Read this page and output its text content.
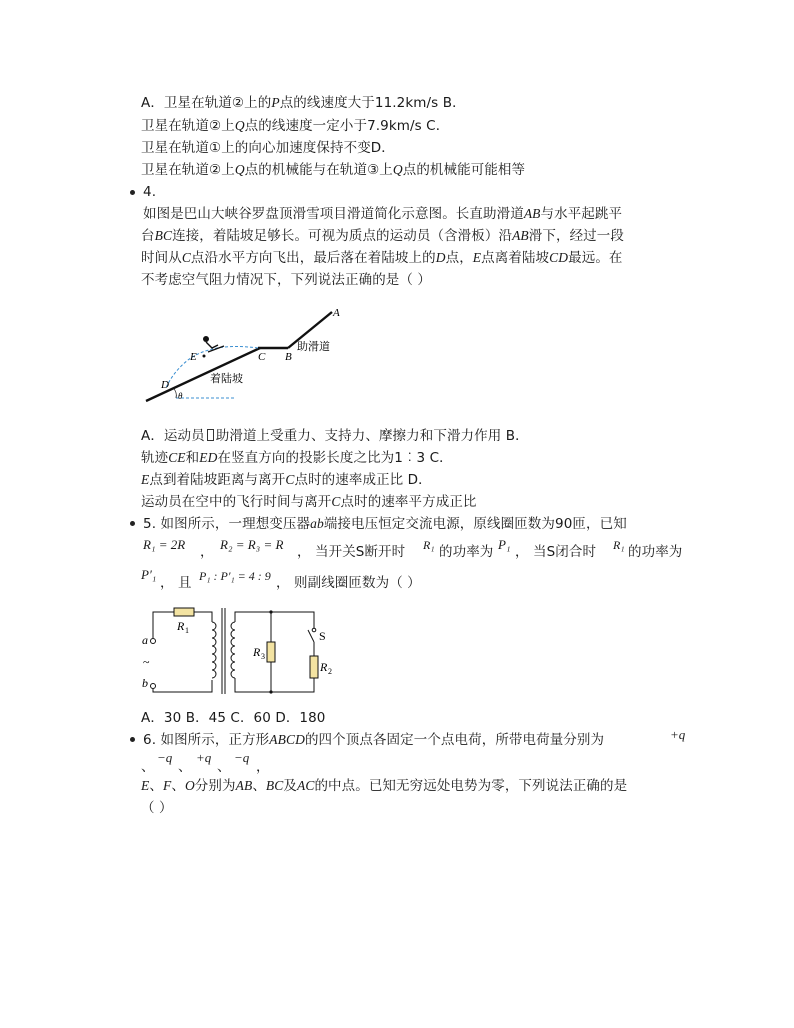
A．卫星在轨道②上的P点的线速度大于11.2km/s B．
卫星在轨道②上Q点的线速度一定小于7.9km/s C．
卫星在轨道①上的向心加速度保持不变D．
卫星在轨道②上Q点的机械能与在轨道③上Q点的机械能可能相等
4.
如图是巴山大峡谷罗盘顶滑雪项目滑道简化示意图。长直助滑道AB与水平起跳平
台BC连接，着陆坡足够长。可视为质点的运动员（含滑板）沿AB滑下，经过一段
时间从C点沿水平方向飞出，最后落在着陆坡上的D点，E点离着陆坡CD最远。在
不考虑空气阻力情况下，下列说法正确的是（ ）
A
B
C
D
E
θ
助滑道
着陆坡
A．运动员 助滑道上受重力、支持力、摩擦力和下滑力作用 B．
轨迹CE和ED在竖直方向的投影长度之比为1︰3 C．
E点到着陆坡距离与离开C点时的速率成正比 D．
运动员在空中的飞行时间与离开C点时的速率平方成正比
5. 如图所示，一理想变压器ab端接电压恒定交流电源，原线圈匝数为90匝，已知
R₁ = 2R ， R₂ = R₃ = R ， 当开关S断开时 R₁ 的功率为 P₁ ， 当S闭合时 R₁ 的功率为
P′₁
， 且 P₁ : P′₁ = 4 : 9 ， 则副线圈匝数为（ ）
a
~
b
R 1
R 3
S
R 2
A．30 B．45 C．60 D．180
6. 如图所示，正方形ABCD的四个顶点各固定一个点电荷，所带电荷量分别为	+q
、
−q
、
+q
、
−q
，
E、F、O分别为AB、BC及AC的中点。已知无穷远处电势为零，下列说法正确的是
（ ）
